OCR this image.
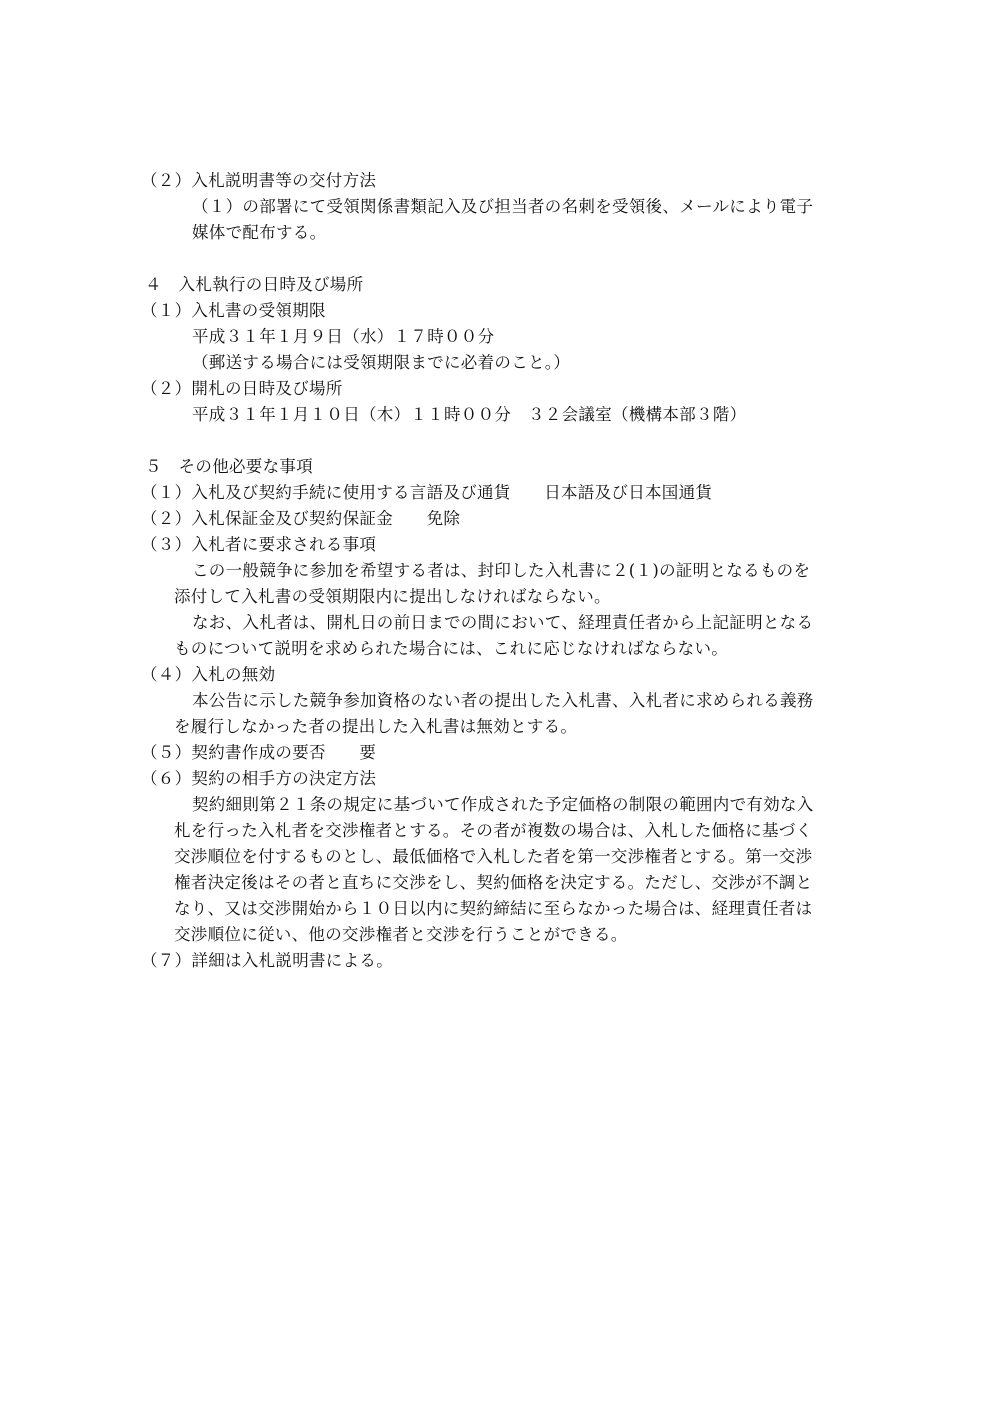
（２）入札説明書等の交付方法
（１）の部署にて受領関係書類記入及び担当者の名刺を受領後、メールにより電子
媒体で配布する。
４　入札執行の日時及び場所
（１）入札書の受領期限
平成３１年１月９日（水）１７時００分
（郵送する場合には受領期限までに必着のこと。）
（２）開札の日時及び場所
平成３１年１月１０日（木）１１時００分　３２会議室（機構本部３階）
５　その他必要な事項
（１）入札及び契約手続に使用する言語及び通貨　　日本語及び日本国通貨
（２）入札保証金及び契約保証金　　免除
（３）入札者に要求される事項
この一般競争に参加を希望する者は、封印した入札書に２(１)の証明となるものを
添付して入札書の受領期限内に提出しなければならない。
なお、入札者は、開札日の前日までの間において、経理責任者から上記証明となる
ものについて説明を求められた場合には、これに応じなければならない。
（４）入札の無効
本公告に示した競争参加資格のない者の提出した入札書、入札者に求められる義務
を履行しなかった者の提出した入札書は無効とする。
（５）契約書作成の要否　　要
（６）契約の相手方の決定方法
契約細則第２１条の規定に基づいて作成された予定価格の制限の範囲内で有効な入
札を行った入札者を交渉権者とする。その者が複数の場合は、入札した価格に基づく
交渉順位を付するものとし、最低価格で入札した者を第一交渉権者とする。第一交渉
権者決定後はその者と直ちに交渉をし、契約価格を決定する。ただし、交渉が不調と
なり、又は交渉開始から１０日以内に契約締結に至らなかった場合は、経理責任者は
交渉順位に従い、他の交渉権者と交渉を行うことができる。
（７）詳細は入札説明書による。
